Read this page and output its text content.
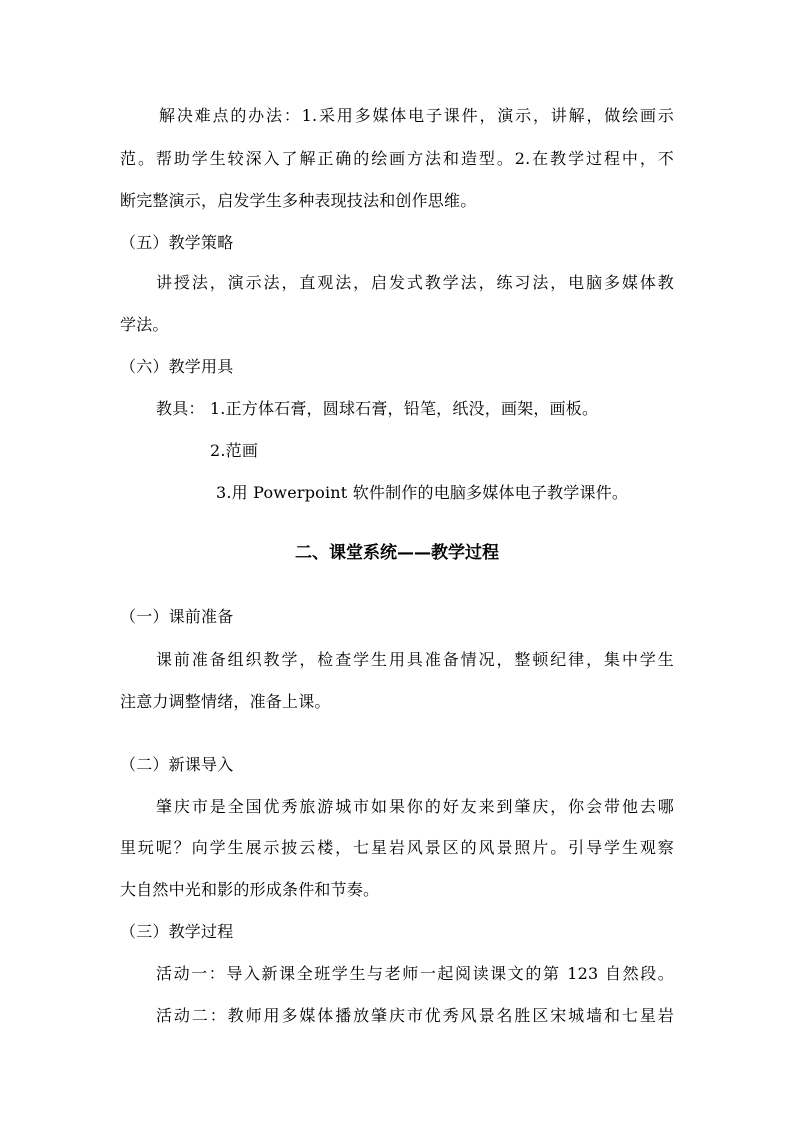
解决难点的办法：1.采用多媒体电子课件，演示，讲解，做绘画示
范。帮助学生较深入了解正确的绘画方法和造型。2.在教学过程中，不
断完整演示，启发学生多种表现技法和创作思维。
（五）教学策略
讲授法，演示法，直观法，启发式教学法，练习法，电脑多媒体教
学法。
（六）教学用具
教具： 1.正方体石膏，圆球石膏，铅笔，纸没，画架，画板。
2.范画
3.用 Powerpoint 软件制作的电脑多媒体电子教学课件。
二、课堂系统——教学过程
（一）课前准备
课前准备组织教学，检查学生用具准备情况，整顿纪律，集中学生
注意力调整情绪，准备上课。
（二）新课导入
肇庆市是全国优秀旅游城市如果你的好友来到肇庆，你会带他去哪
里玩呢？向学生展示披云楼，七星岩风景区的风景照片。引导学生观察
大自然中光和影的形成条件和节奏。
（三）教学过程
活动一：导入新课全班学生与老师一起阅读课文的第 123 自然段。
活动二：教师用多媒体播放肇庆市优秀风景名胜区宋城墙和七星岩
